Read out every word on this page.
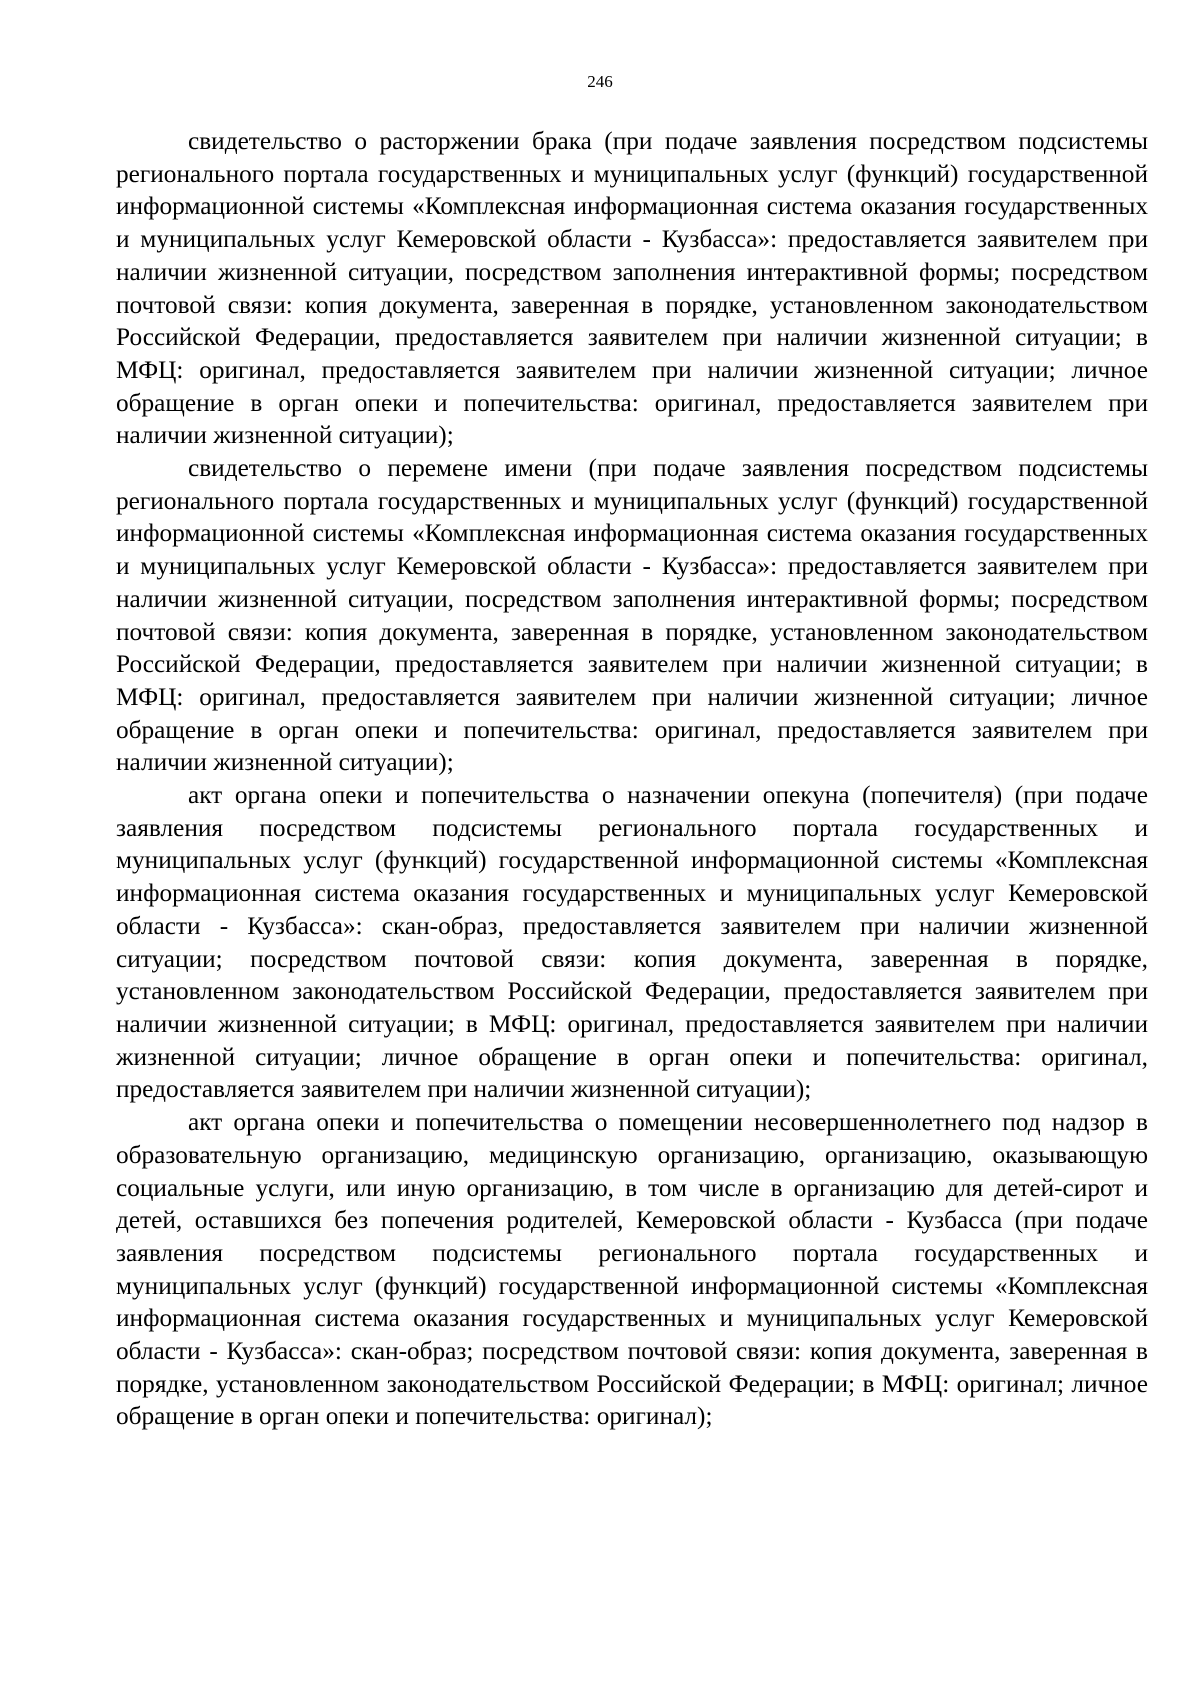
246

свидетельство о расторжении брака (при подаче заявления посредством подсистемы регионального портала государственных и муниципальных услуг (функций) государственной информационной системы «Комплексная информационная система оказания государственных и муниципальных услуг Кемеровской области - Кузбасса»: предоставляется заявителем при наличии жизненной ситуации, посредством заполнения интерактивной формы; посредством почтовой связи: копия документа, заверенная в порядке, установленном законодательством Российской Федерации, предоставляется заявителем при наличии жизненной ситуации; в МФЦ: оригинал, предоставляется заявителем при наличии жизненной ситуации; личное обращение в орган опеки и попечительства: оригинал, предоставляется заявителем при наличии жизненной ситуации);

свидетельство о перемене имени (при подаче заявления посредством подсистемы регионального портала государственных и муниципальных услуг (функций) государственной информационной системы «Комплексная информационная система оказания государственных и муниципальных услуг Кемеровской области - Кузбасса»: предоставляется заявителем при наличии жизненной ситуации, посредством заполнения интерактивной формы; посредством почтовой связи: копия документа, заверенная в порядке, установленном законодательством Российской Федерации, предоставляется заявителем при наличии жизненной ситуации; в МФЦ: оригинал, предоставляется заявителем при наличии жизненной ситуации; личное обращение в орган опеки и попечительства: оригинал, предоставляется заявителем при наличии жизненной ситуации);

акт органа опеки и попечительства о назначении опекуна (попечителя) (при подаче заявления посредством подсистемы регионального портала государственных и муниципальных услуг (функций) государственной информационной системы «Комплексная информационная система оказания государственных и муниципальных услуг Кемеровской области - Кузбасса»: скан-образ, предоставляется заявителем при наличии жизненной ситуации; посредством почтовой связи: копия документа, заверенная в порядке, установленном законодательством Российской Федерации, предоставляется заявителем при наличии жизненной ситуации; в МФЦ: оригинал, предоставляется заявителем при наличии жизненной ситуации; личное обращение в орган опеки и попечительства: оригинал, предоставляется заявителем при наличии жизненной ситуации);

акт органа опеки и попечительства о помещении несовершеннолетнего под надзор в образовательную организацию, медицинскую организацию, организацию, оказывающую социальные услуги, или иную организацию, в том числе в организацию для детей-сирот и детей, оставшихся без попечения родителей, Кемеровской области - Кузбасса (при подаче заявления посредством подсистемы регионального портала государственных и муниципальных услуг (функций) государственной информационной системы «Комплексная информационная система оказания государственных и муниципальных услуг Кемеровской области - Кузбасса»: скан-образ; посредством почтовой связи: копия документа, заверенная в порядке, установленном законодательством Российской Федерации; в МФЦ: оригинал; личное обращение в орган опеки и попечительства: оригинал);
